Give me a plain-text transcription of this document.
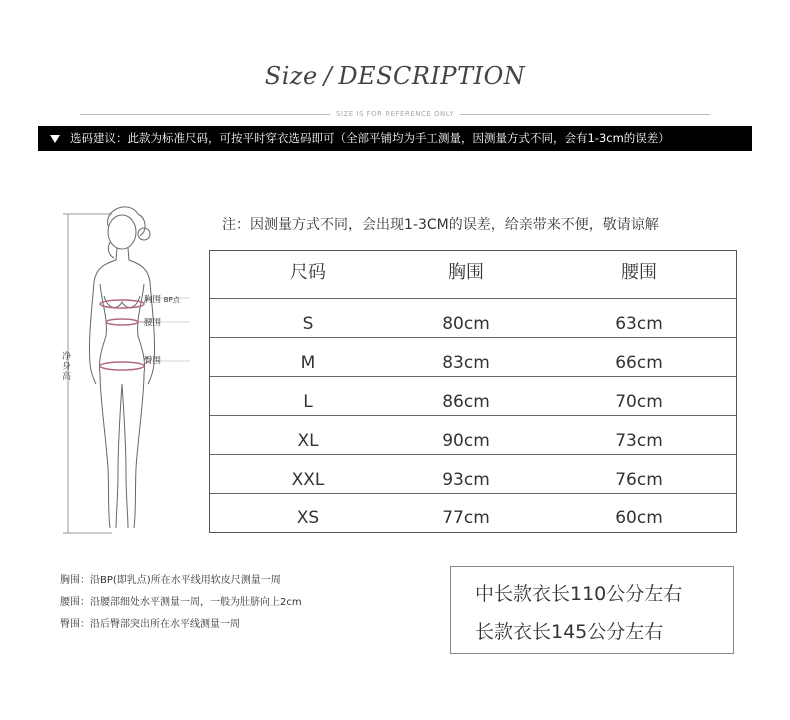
Size / DESCRIPTION
SIZE IS FOR REFERENCE ONLY
选码建议：此款为标准尺码，可按平时穿衣选码即可（全部平铺均为手工测量，因测量方式不同，会有1-3cm的误差）
注：因测量方式不同，会出现1-3CM的误差，给亲带来不便，敬请谅解
尺码	胸围	腰围
S	80cm	63cm
M	83cm	66cm
L	86cm	70cm
XL	90cm	73cm
XXL	93cm	76cm
XS	77cm	60cm
胸围 BP点
腰围
臀围
净身高
胸围：沿BP(即乳点)所在水平线用软皮尺测量一周
腰围：沿腰部细处水平测量一周，一般为肚脐向上2cm
臀围：沿后臀部突出所在水平线测量一周
中长款衣长110公分左右
长款衣长145公分左右
